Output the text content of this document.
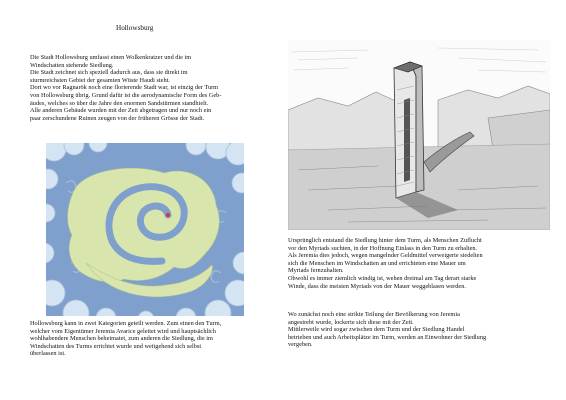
Hollowsburg
Die Stadt Hollowsburg umfasst einen Wolkenkratzer und die im
Windschatten stehende Siedlung.
Die Stadt zeichnet sich speziell dadurch aus, dass sie direkt im
sturmreichsten Gebiet der gesamten Wüste Haudi steht.
Dort wo vor Ragnarök noch eine florierende Stadt war, ist einzig der Turm
von Hollowsburg übrig. Grund dafür ist die aerodynamische Form des Geb-
äudes, welches so über die Jahre den enormen Sandstürmen standhielt.
Alle anderen Gebäude wurden mit der Zeit abgetragen und nur noch ein
paar zerschundene Ruinen zeugen von der früheren Grösse der Stadt.
Hollowsburg kann in zwei Kategorien geteilt werden. Zum einen den Turm,
welcher vom Eigentümer Jeremia Avarice geleitet wird und hauptsächlich
wohlhabendere Menschen beheimatet, zum anderen die Siedlung, die im
Windschatten des Turms errichtet wurde und weitgehend sich selbst
überlassen ist.
Ursprünglich entstand die Siedlung hinter dem Turm, als Menschen Zuflucht
vor den Myriads suchten, in der Hoffnung Einlass in den Turm zu erhalten.
Als Jeremia dies jedoch, wegen mangelnder Geldmittel verweigerte siedelten
sich die Menschen im Windschatten an und errichteten eine Mauer um
Myriads fernzuhalten.
Obwohl es immer ziemlich windig ist, wehen dreimal am Tag derart starke
Winde, dass die meisten Myriads von der Mauer weggeblasen werden.
Wo zunächst noch eine strikte Teilung der Bevölkerung von Jeremia
angestrebt wurde, lockerte sich diese mit der Zeit.
Mittlerweile wird sogar zwischen dem Turm und der Siedlung Handel
betrieben und auch Arbeitsplätze im Turm, werden an Einwohner der Siedlung
vergeben.
